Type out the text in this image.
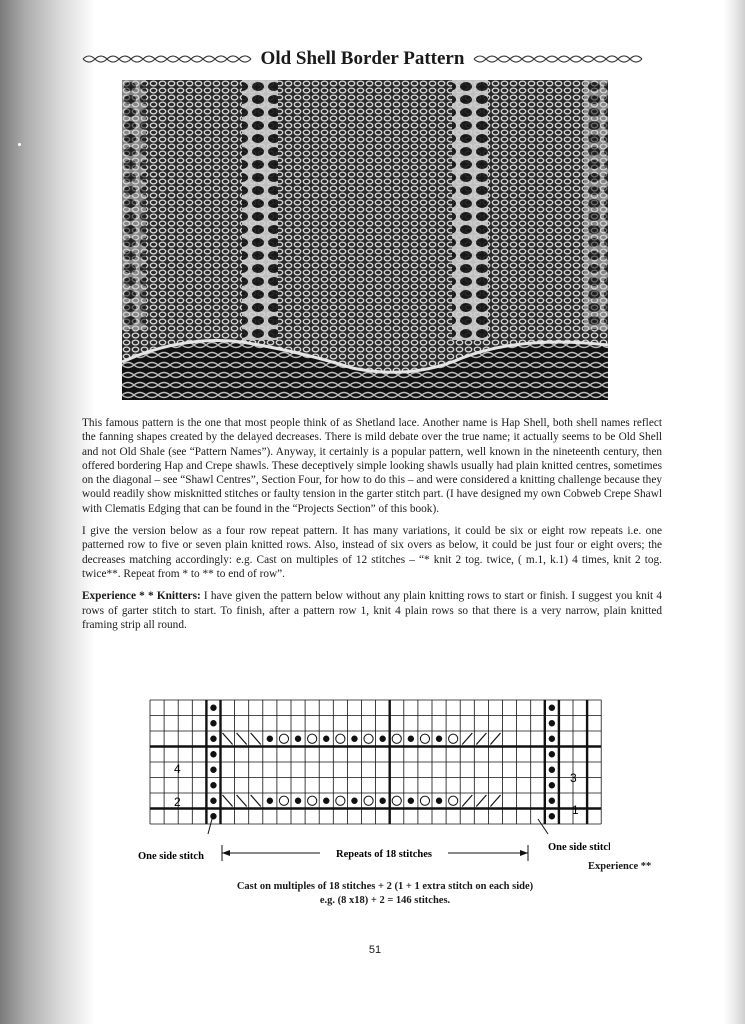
Old Shell Border Pattern

This famous pattern is the one that most people think of as Shetland lace. Another name is Hap Shell, both shell names reflect the fanning shapes created by the delayed decreases. There is mild debate over the true name; it actually seems to be Old Shell and not Old Shale (see “Pattern Names”). Anyway, it certainly is a popular pattern, well known in the nineteenth century, then offered bordering Hap and Crepe shawls. These deceptively simple looking shawls usually had plain knitted centres, sometimes on the diagonal – see “Shawl Centres”, Section Four, for how to do this – and were considered a knitting challenge because they would readily show misknitted stitches or faulty tension in the garter stitch part. (I have designed my own Cobweb Crepe Shawl with Clematis Edging that can be found in the “Projects Section” of this book).

I give the version below as a four row repeat pattern. It has many variations, it could be six or eight row repeats i.e. one patterned row to five or seven plain knitted rows. Also, instead of six overs as below, it could be just four or eight overs; the decreases matching accordingly: e.g. Cast on multiples of 12 stitches – “* knit 2 tog. twice, ( m.1, k.1) 4 times, knit 2 tog. twice**. Repeat from * to ** to end of row”.

Experience * * Knitters: I have given the pattern below without any plain knitting rows to start or finish. I suggest you knit 4 rows of garter stitch to start. To finish, after a pattern row 1, knit 4 plain rows so that there is a very narrow, plain knitted framing strip all round.

4
3
2
1
Repeats of 18 stitches
One side stitch
One side stitch
Experience **
Cast on multiples of 18 stitches + 2 (1 + 1 extra stitch on each side)
e.g. (8 x18) + 2 = 146 stitches.
51
